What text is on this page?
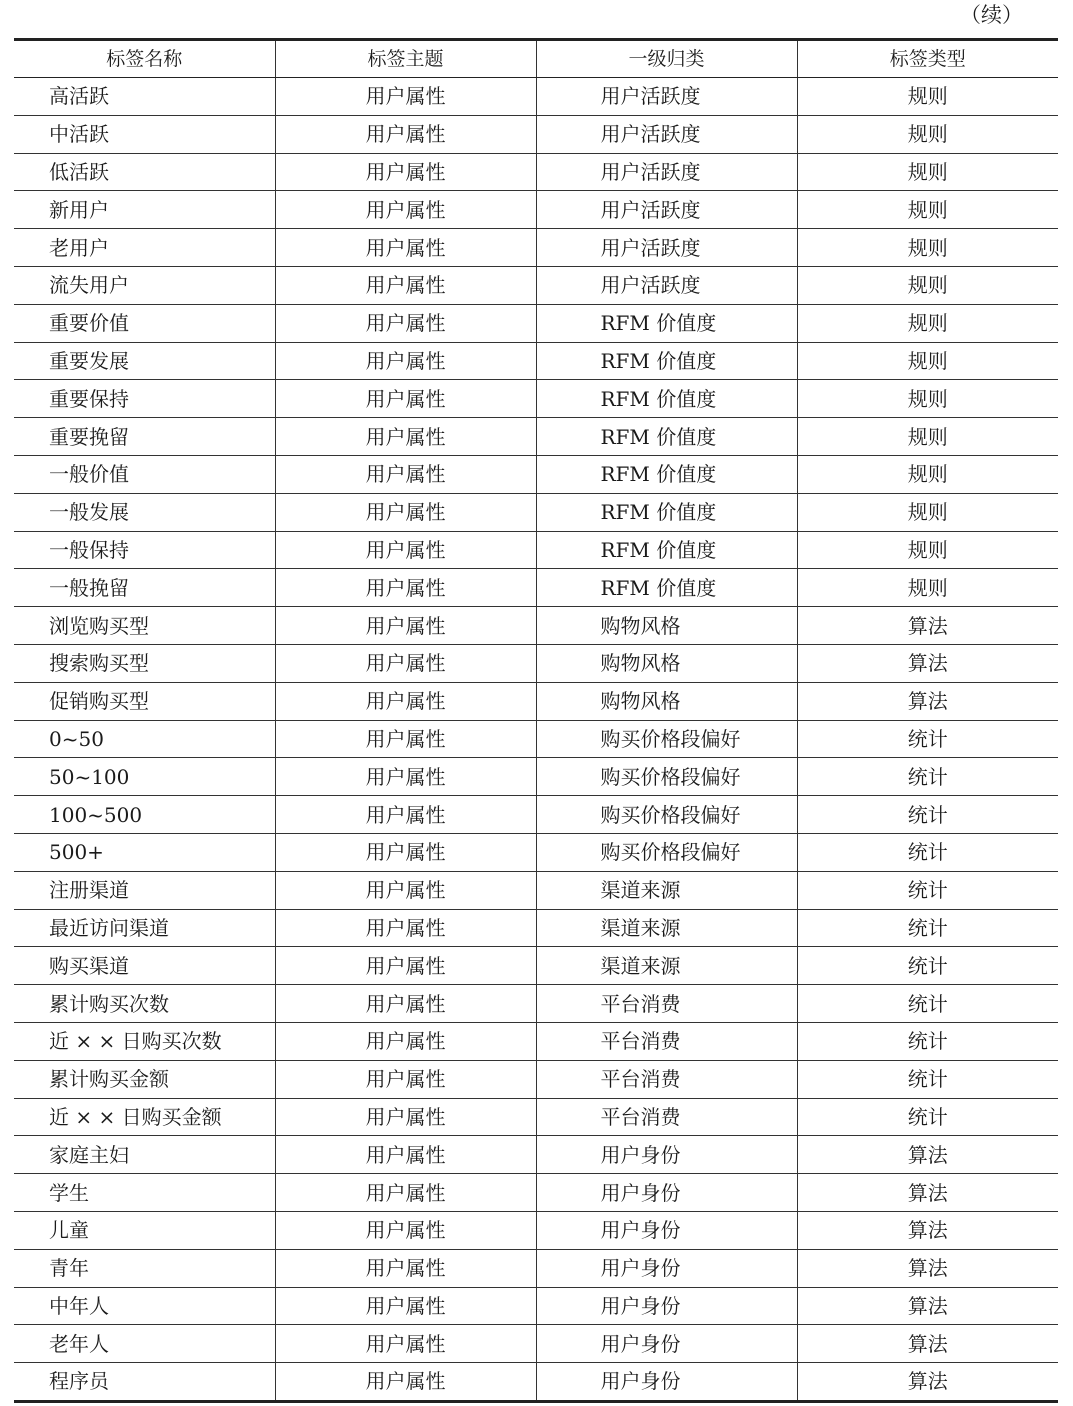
（续）
标签名称	标签主题	一级归类	标签类型
高活跃	用户属性	用户活跃度	规则
中活跃	用户属性	用户活跃度	规则
低活跃	用户属性	用户活跃度	规则
新用户	用户属性	用户活跃度	规则
老用户	用户属性	用户活跃度	规则
流失用户	用户属性	用户活跃度	规则
重要价值	用户属性	RFM 价值度	规则
重要发展	用户属性	RFM 价值度	规则
重要保持	用户属性	RFM 价值度	规则
重要挽留	用户属性	RFM 价值度	规则
一般价值	用户属性	RFM 价值度	规则
一般发展	用户属性	RFM 价值度	规则
一般保持	用户属性	RFM 价值度	规则
一般挽留	用户属性	RFM 价值度	规则
浏览购买型	用户属性	购物风格	算法
搜索购买型	用户属性	购物风格	算法
促销购买型	用户属性	购物风格	算法
0~50	用户属性	购买价格段偏好	统计
50~100	用户属性	购买价格段偏好	统计
100~500	用户属性	购买价格段偏好	统计
500+	用户属性	购买价格段偏好	统计
注册渠道	用户属性	渠道来源	统计
最近访问渠道	用户属性	渠道来源	统计
购买渠道	用户属性	渠道来源	统计
累计购买次数	用户属性	平台消费	统计
近 × × 日购买次数	用户属性	平台消费	统计
累计购买金额	用户属性	平台消费	统计
近 × × 日购买金额	用户属性	平台消费	统计
家庭主妇	用户属性	用户身份	算法
学生	用户属性	用户身份	算法
儿童	用户属性	用户身份	算法
青年	用户属性	用户身份	算法
中年人	用户属性	用户身份	算法
老年人	用户属性	用户身份	算法
程序员	用户属性	用户身份	算法
